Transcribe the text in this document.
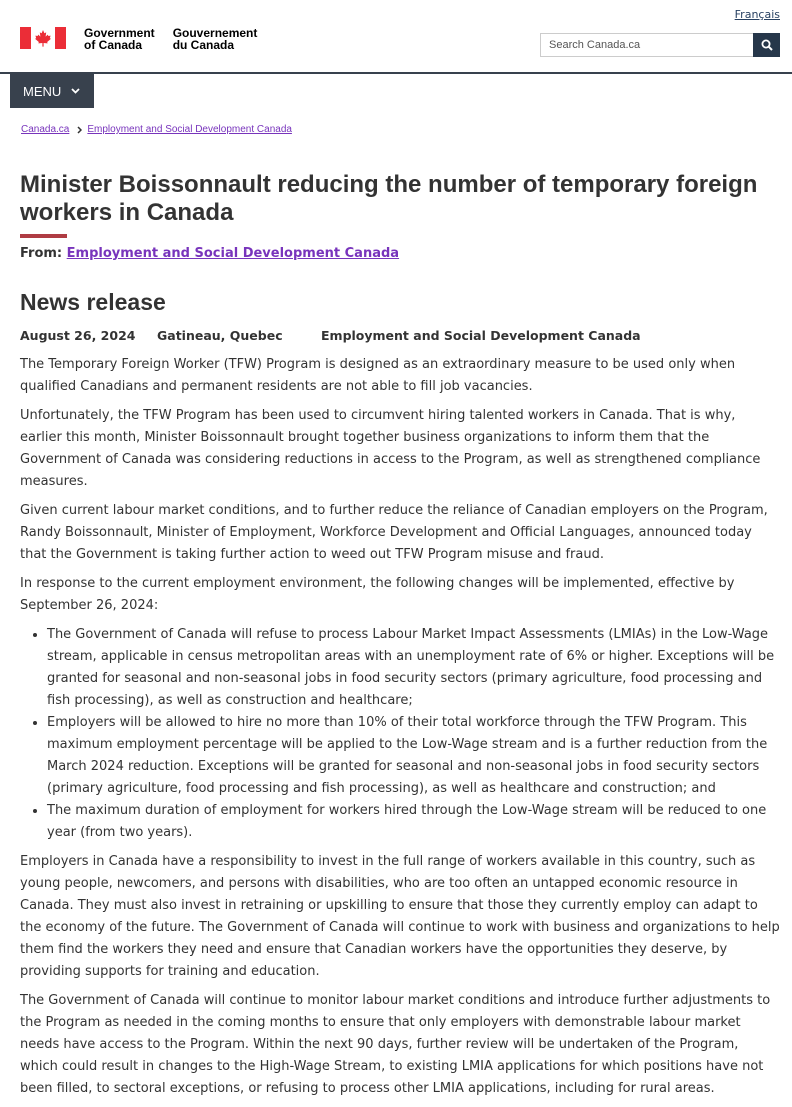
Français
Government
of Canada
Gouvernement
du Canada
Search Canada.ca
MENU
Canada.ca Employment and Social Development Canada
Minister Boissonnault reducing the number of temporary foreign workers in Canada
From: Employment and Social Development Canada
News release
August 26, 2024	Gatineau, Quebec	Employment and Social Development Canada

The Temporary Foreign Worker (TFW) Program is designed as an extraordinary measure to be used only when qualified Canadians and permanent residents are not able to fill job vacancies.

Unfortunately, the TFW Program has been used to circumvent hiring talented workers in Canada. That is why, earlier this month, Minister Boissonnault brought together business organizations to inform them that the Government of Canada was considering reductions in access to the Program, as well as strengthened compliance measures.

Given current labour market conditions, and to further reduce the reliance of Canadian employers on the Program, Randy Boissonnault, Minister of Employment, Workforce Development and Official Languages, announced today that the Government is taking further action to weed out TFW Program misuse and fraud.

In response to the current employment environment, the following changes will be implemented, effective by September 26, 2024:

• The Government of Canada will refuse to process Labour Market Impact Assessments (LMIAs) in the Low-Wage stream, applicable in census metropolitan areas with an unemployment rate of 6% or higher. Exceptions will be granted for seasonal and non-seasonal jobs in food security sectors (primary agriculture, food processing and fish processing), as well as construction and healthcare;
• Employers will be allowed to hire no more than 10% of their total workforce through the TFW Program. This maximum employment percentage will be applied to the Low-Wage stream and is a further reduction from the March 2024 reduction. Exceptions will be granted for seasonal and non-seasonal jobs in food security sectors (primary agriculture, food processing and fish processing), as well as healthcare and construction; and
• The maximum duration of employment for workers hired through the Low-Wage stream will be reduced to one year (from two years).

Employers in Canada have a responsibility to invest in the full range of workers available in this country, such as young people, newcomers, and persons with disabilities, who are too often an untapped economic resource in Canada. They must also invest in retraining or upskilling to ensure that those they currently employ can adapt to the economy of the future. The Government of Canada will continue to work with business and organizations to help them find the workers they need and ensure that Canadian workers have the opportunities they deserve, by providing supports for training and education.

The Government of Canada will continue to monitor labour market conditions and introduce further adjustments to the Program as needed in the coming months to ensure that only employers with demonstrable labour market needs have access to the Program. Within the next 90 days, further review will be undertaken of the Program, which could result in changes to the High-Wage Stream, to existing LMIA applications for which positions have not been filled, to sectoral exceptions, or refusing to process other LMIA applications, including for rural areas.
